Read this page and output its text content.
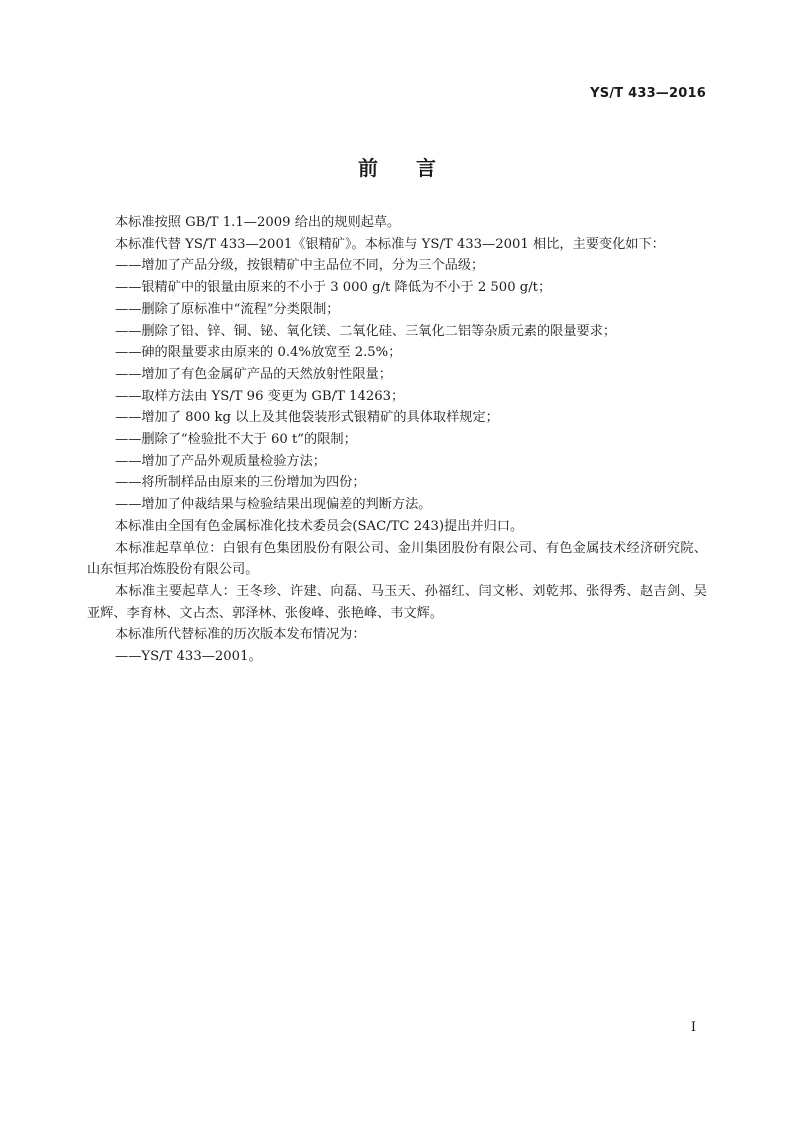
YS/T 433—2016
前言

本标准按照 GB/T 1.1—2009 给出的规则起草。

本标准代替 YS/T 433—2001《银精矿》。本标准与 YS/T 433—2001 相比，主要变化如下：

——增加了产品分级，按银精矿中主品位不同，分为三个品级；

——银精矿中的银量由原来的不小于 3 000 g/t 降低为不小于 2 500 g/t；

——删除了原标准中“流程”分类限制；

——删除了铅、锌、铜、铋、氧化镁、二氧化硅、三氧化二铝等杂质元素的限量要求；

——砷的限量要求由原来的 0.4%放宽至 2.5%；

——增加了有色金属矿产品的天然放射性限量；

——取样方法由 YS/T 96 变更为 GB/T 14263；

——增加了 800 kg 以上及其他袋装形式银精矿的具体取样规定；

——删除了“检验批不大于 60 t”的限制；

——增加了产品外观质量检验方法；

——将所制样品由原来的三份增加为四份；

——增加了仲裁结果与检验结果出现偏差的判断方法。

本标准由全国有色金属标准化技术委员会(SAC/TC 243)提出并归口。

本标准起草单位：白银有色集团股份有限公司、金川集团股份有限公司、有色金属技术经济研究院、山东恒邦冶炼股份有限公司。

本标准主要起草人：王冬珍、许建、向磊、马玉天、孙福红、闫文彬、刘乾邦、张得秀、赵吉剑、吴亚辉、李育林、文占杰、郭泽林、张俊峰、张艳峰、韦文辉。

本标准所代替标准的历次版本发布情况为：

——YS/T 433—2001。

I
